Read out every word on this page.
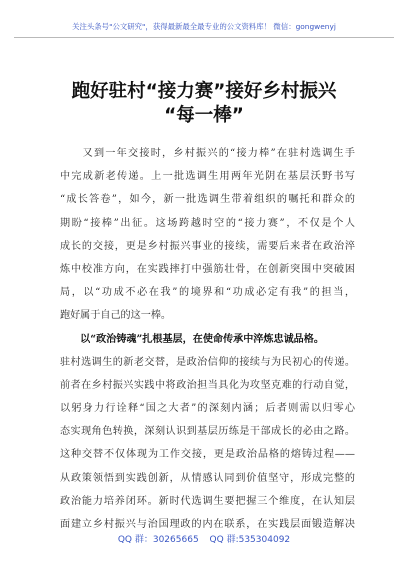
关注头条号"公文研究"，获得最新最全最专业的公文资料库！ 微信：gongwenyj
跑好驻村“接力赛”接好乡村振兴
“每一棒”
　　又到一年交接时，乡村振兴的“接力棒”在驻村选调生手
中完成新老传递。上一批选调生用两年光阴在基层沃野书写
“成长答卷”，如今，新一批选调生带着组织的嘱托和群众的
期盼“接棒”出征。这场跨越时空的“接力赛”，不仅是个人
成长的交接，更是乡村振兴事业的接续，需要后来者在政治淬
炼中校准方向，在实践摔打中强筋壮骨，在创新突围中突破困
局，以“功成不必在我”的境界和“功成必定有我”的担当，
跑好属于自己的这一棒。
　　以“政治铸魂”扎根基层，在使命传承中淬炼忠诚品格。
驻村选调生的新老交替，是政治信仰的接续与为民初心的传递。
前者在乡村振兴实践中将政治担当具化为攻坚克难的行动自觉，
以躬身力行诠释“国之大者”的深刻内涵；后者则需以归零心
态实现角色转换，深刻认识到基层历练是干部成长的必由之路。
这种交替不仅体现为工作交接，更是政治品格的熔铸过程——
从政策领悟到实践创新，从情感认同到价值坚守，形成完整的
政治能力培养闭环。新时代选调生要把握三个维度，在认知层
面建立乡村振兴与治国理政的内在联系，在实践层面锻造解决
QQ 群：30265665 QQ 群:535304092
